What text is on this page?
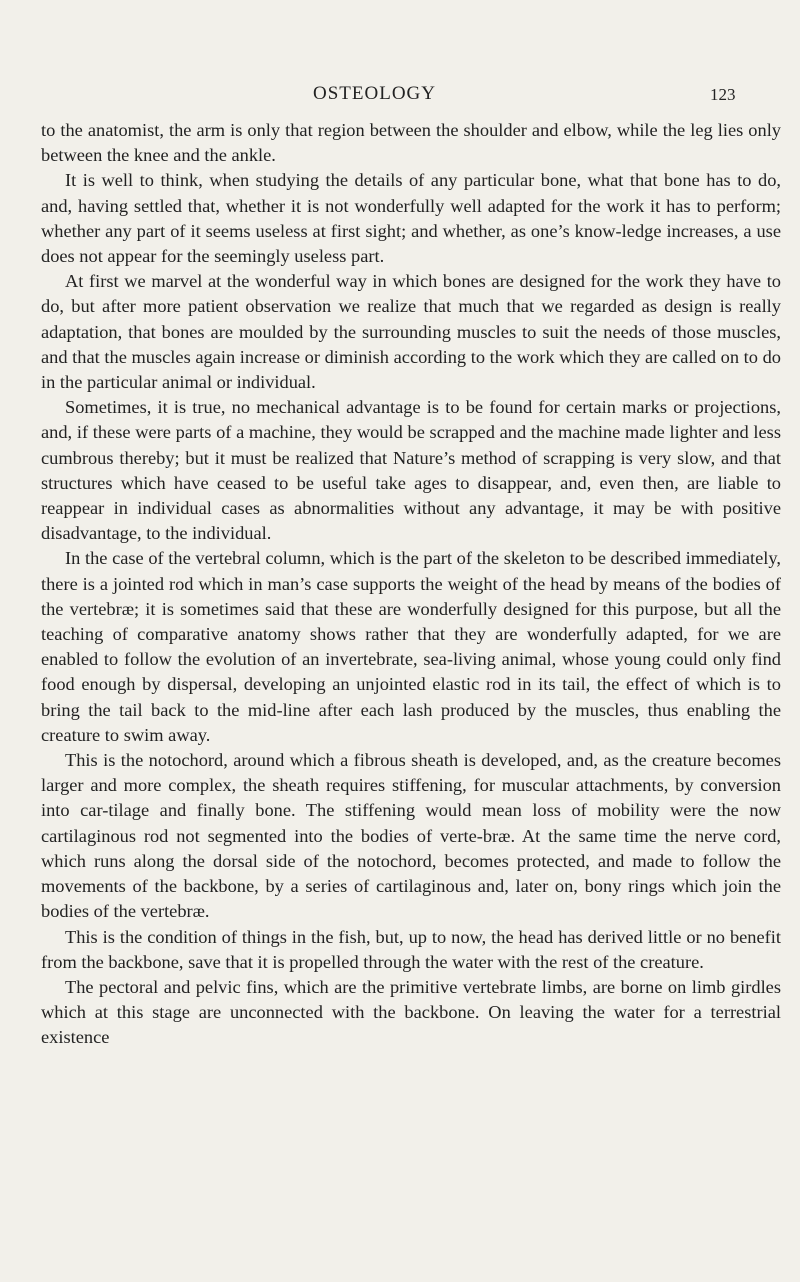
OSTEOLOGY	123

to the anatomist, the arm is only that region between the shoulder and elbow, while the leg lies only between the knee and the ankle.

It is well to think, when studying the details of any particular bone, what that bone has to do, and, having settled that, whether it is not wonderfully well adapted for the work it has to perform; whether any part of it seems useless at first sight; and whether, as one’s know-ledge increases, a use does not appear for the seemingly useless part.

At first we marvel at the wonderful way in which bones are designed for the work they have to do, but after more patient observation we realize that much that we regarded as design is really adaptation, that bones are moulded by the surrounding muscles to suit the needs of those muscles, and that the muscles again increase or diminish according to the work which they are called on to do in the particular animal or individual.

Sometimes, it is true, no mechanical advantage is to be found for certain marks or projections, and, if these were parts of a machine, they would be scrapped and the machine made lighter and less cumbrous thereby; but it must be realized that Nature’s method of scrapping is very slow, and that structures which have ceased to be useful take ages to disappear, and, even then, are liable to reappear in individual cases as abnormalities without any advantage, it may be with positive disadvantage, to the individual.

In the case of the vertebral column, which is the part of the skeleton to be described immediately, there is a jointed rod which in man’s case supports the weight of the head by means of the bodies of the vertebræ; it is sometimes said that these are wonderfully designed for this purpose, but all the teaching of comparative anatomy shows rather that they are wonderfully adapted, for we are enabled to follow the evolution of an invertebrate, sea-living animal, whose young could only find food enough by dispersal, developing an unjointed elastic rod in its tail, the effect of which is to bring the tail back to the mid-line after each lash produced by the muscles, thus enabling the creature to swim away.

This is the notochord, around which a fibrous sheath is developed, and, as the creature becomes larger and more complex, the sheath requires stiffening, for muscular attachments, by conversion into car-tilage and finally bone. The stiffening would mean loss of mobility were the now cartilaginous rod not segmented into the bodies of verte-bræ. At the same time the nerve cord, which runs along the dorsal side of the notochord, becomes protected, and made to follow the movements of the backbone, by a series of cartilaginous and, later on, bony rings which join the bodies of the vertebræ.

This is the condition of things in the fish, but, up to now, the head has derived little or no benefit from the backbone, save that it is propelled through the water with the rest of the creature.

The pectoral and pelvic fins, which are the primitive vertebrate limbs, are borne on limb girdles which at this stage are unconnected with the backbone. On leaving the water for a terrestrial existence
